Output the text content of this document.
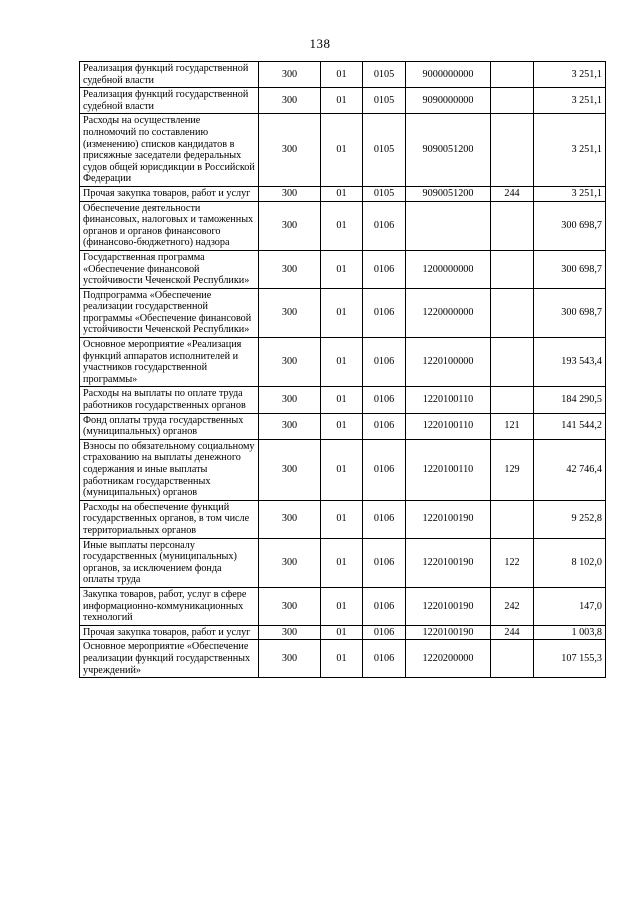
138
Реализация функций государственной судебной власти	300	01	0105	9000000000		3 251,1
Реализация функций государственной судебной власти	300	01	0105	9090000000		3 251,1
Расходы на осуществление полномочий по составлению (изменению) списков кандидатов в присяжные заседатели федеральных судов общей юрисдикции в Российской Федерации	300	01	0105	9090051200		3 251,1
Прочая закупка товаров, работ и услуг	300	01	0105	9090051200	244	3 251,1
Обеспечение деятельности финансовых, налоговых и таможенных органов и органов финансового (финансово-бюджетного) надзора	300	01	0106			300 698,7
Государственная программа «Обеспечение финансовой устойчивости Чеченской Республики»	300	01	0106	1200000000		300 698,7
Подпрограмма «Обеспечение реализации государственной программы «Обеспечение финансовой устойчивости Чеченской Республики»	300	01	0106	1220000000		300 698,7
Основное мероприятие «Реализация функций аппаратов исполнителей и участников государственной программы»	300	01	0106	1220100000		193 543,4
Расходы на выплаты по оплате труда работников государственных органов	300	01	0106	1220100110		184 290,5
Фонд оплаты труда государственных (муниципальных) органов	300	01	0106	1220100110	121	141 544,2
Взносы по обязательному социальному страхованию на выплаты денежного содержания и иные выплаты работникам государственных (муниципальных) органов	300	01	0106	1220100110	129	42 746,4
Расходы на обеспечение функций государственных органов, в том числе территориальных органов	300	01	0106	1220100190		9 252,8
Иные выплаты персоналу государственных (муниципальных) органов, за исключением фонда оплаты труда	300	01	0106	1220100190	122	8 102,0
Закупка товаров, работ, услуг в сфере информационно-коммуникационных технологий	300	01	0106	1220100190	242	147,0
Прочая закупка товаров, работ и услуг	300	01	0106	1220100190	244	1 003,8
Основное мероприятие «Обеспечение реализации функций государственных учреждений»	300	01	0106	1220200000		107 155,3
